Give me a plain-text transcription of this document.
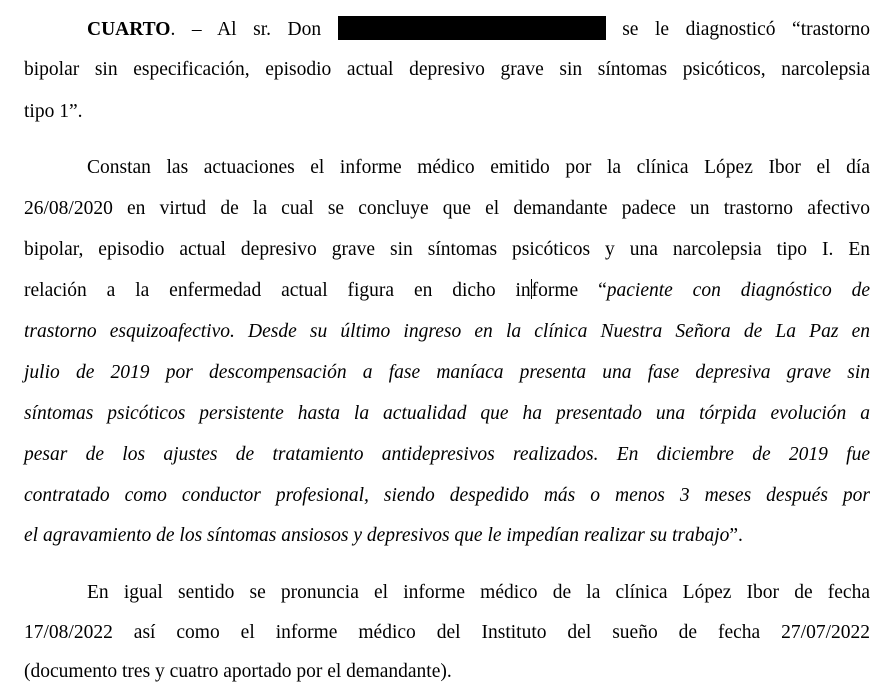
CUARTO. – Al sr. Don	se le diagnosticó “trastorno
bipolar sin especificación, episodio actual depresivo grave sin síntomas psicóticos, narcolepsia
tipo 1”.
Constan las actuaciones el informe médico emitido por la clínica López Ibor el día
26/08/2020 en virtud de la cual se concluye que el demandante padece un trastorno afectivo
bipolar, episodio actual depresivo grave sin síntomas psicóticos y una narcolepsia tipo I. En
relación a la enfermedad actual figura en dicho informe “paciente con diagnóstico de
trastorno esquizoafectivo. Desde su último ingreso en la clínica Nuestra Señora de La Paz en
julio de 2019 por descompensación a fase maníaca presenta una fase depresiva grave sin
síntomas psicóticos persistente hasta la actualidad que ha presentado una tórpida evolución a
pesar de los ajustes de tratamiento antidepresivos realizados. En diciembre de 2019 fue
contratado como conductor profesional, siendo despedido más o menos 3 meses después por
el agravamiento de los síntomas ansiosos y depresivos que le impedían realizar su trabajo”.
En igual sentido se pronuncia el informe médico de la clínica López Ibor de fecha
17/08/2022 así como el informe médico del Instituto del sueño de fecha 27/07/2022
(documento tres y cuatro aportado por el demandante).
